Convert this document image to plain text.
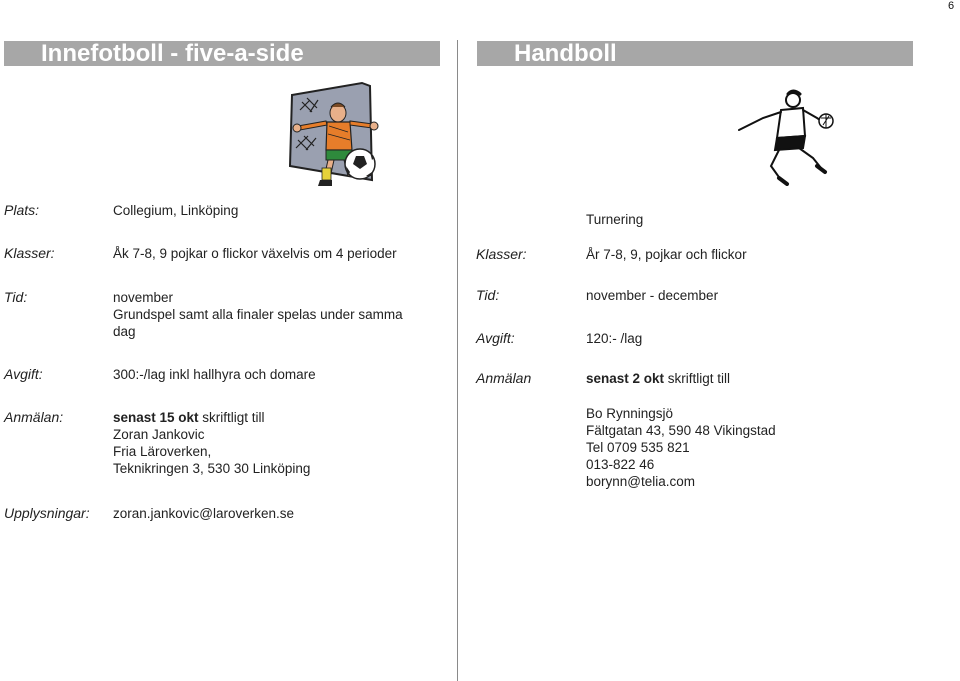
6
Innefotboll - five-a-side	Handboll
Plats:	Collegium, Linköping
Klasser:	Åk 7-8, 9 pojkar o flickor växelvis om 4 perioder
Tid:	november
Grundspel samt alla finaler spelas under samma
dag
Avgift:	300:-/lag inkl hallhyra och domare
Anmälan:	senast 15 okt skriftligt till
Zoran Jankovic
Fria Läroverken,
Teknikringen 3, 530 30 Linköping
Upplysningar: zoran.jankovic@laroverken.se
Turnering
Klasser:	År 7-8, 9, pojkar och flickor
Tid:	november - december
Avgift:	120:- /lag
Anmälan	senast 2 okt skriftligt till
Bo Rynningsjö
Fältgatan 43, 590 48 Vikingstad
Tel 0709 535 821
013-822 46
borynn@telia.com
